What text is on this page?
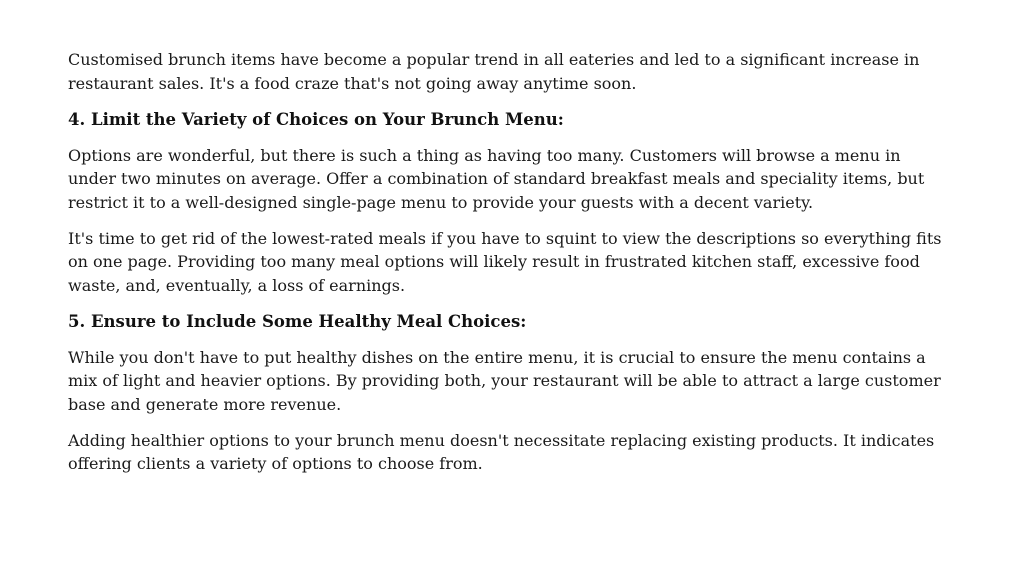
Customised brunch items have become a popular trend in all eateries and led to a significant increase in restaurant sales. It's a food craze that's not going away anytime soon.

4. Limit the Variety of Choices on Your Brunch Menu:

Options are wonderful, but there is such a thing as having too many. Customers will browse a menu in under two minutes on average. Offer a combination of standard breakfast meals and speciality items, but restrict it to a well-designed single-page menu to provide your guests with a decent variety.

It's time to get rid of the lowest-rated meals if you have to squint to view the descriptions so everything fits on one page. Providing too many meal options will likely result in frustrated kitchen staff, excessive food waste, and, eventually, a loss of earnings.

5. Ensure to Include Some Healthy Meal Choices:

While you don't have to put healthy dishes on the entire menu, it is crucial to ensure the menu contains a mix of light and heavier options. By providing both, your restaurant will be able to attract a large customer base and generate more revenue.

Adding healthier options to your brunch menu doesn't necessitate replacing existing products. It indicates offering clients a variety of options to choose from.
